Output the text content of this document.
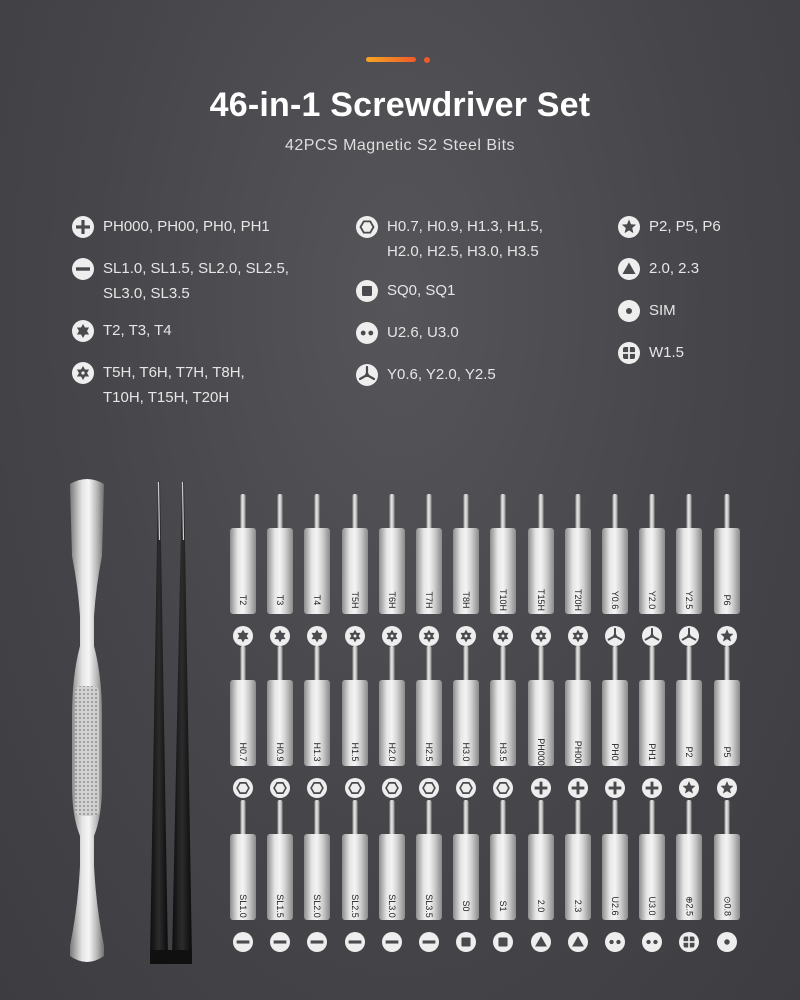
46-in-1 Screwdriver Set
42PCS Magnetic S2 Steel Bits
PH000, PH00, PH0, PH1
SL1.0, SL1.5, SL2.0, SL2.5,
SL3.0, SL3.5
T2, T3, T4
T5H, T6H, T7H, T8H,
T10H, T15H, T20H
H0.7, H0.9, H1.3, H1.5,
H2.0, H2.5, H3.0, H3.5
SQ0, SQ1
U2.6, U3.0
Y0.6, Y2.0, Y2.5
P2, P5, P6
2.0, 2.3
SIM
W1.5
T2	T3	T4	T5H	T6H	T7H	T8H	T10H	T15H	T20H	Y0.6	Y2.0	Y2.5	P6
H0.7	H0.9	H1.3	H1.5	H2.0	H2.5	H3.0	H3.5	PH000	PH00	PH0	PH1	P2	P5
SL1.0	SL1.5	SL2.0	SL2.5	SL3.0	SL3.5	S0	S1	2.0	2.3	U2.6	U3.0	⊕2.5	⊙0.8
